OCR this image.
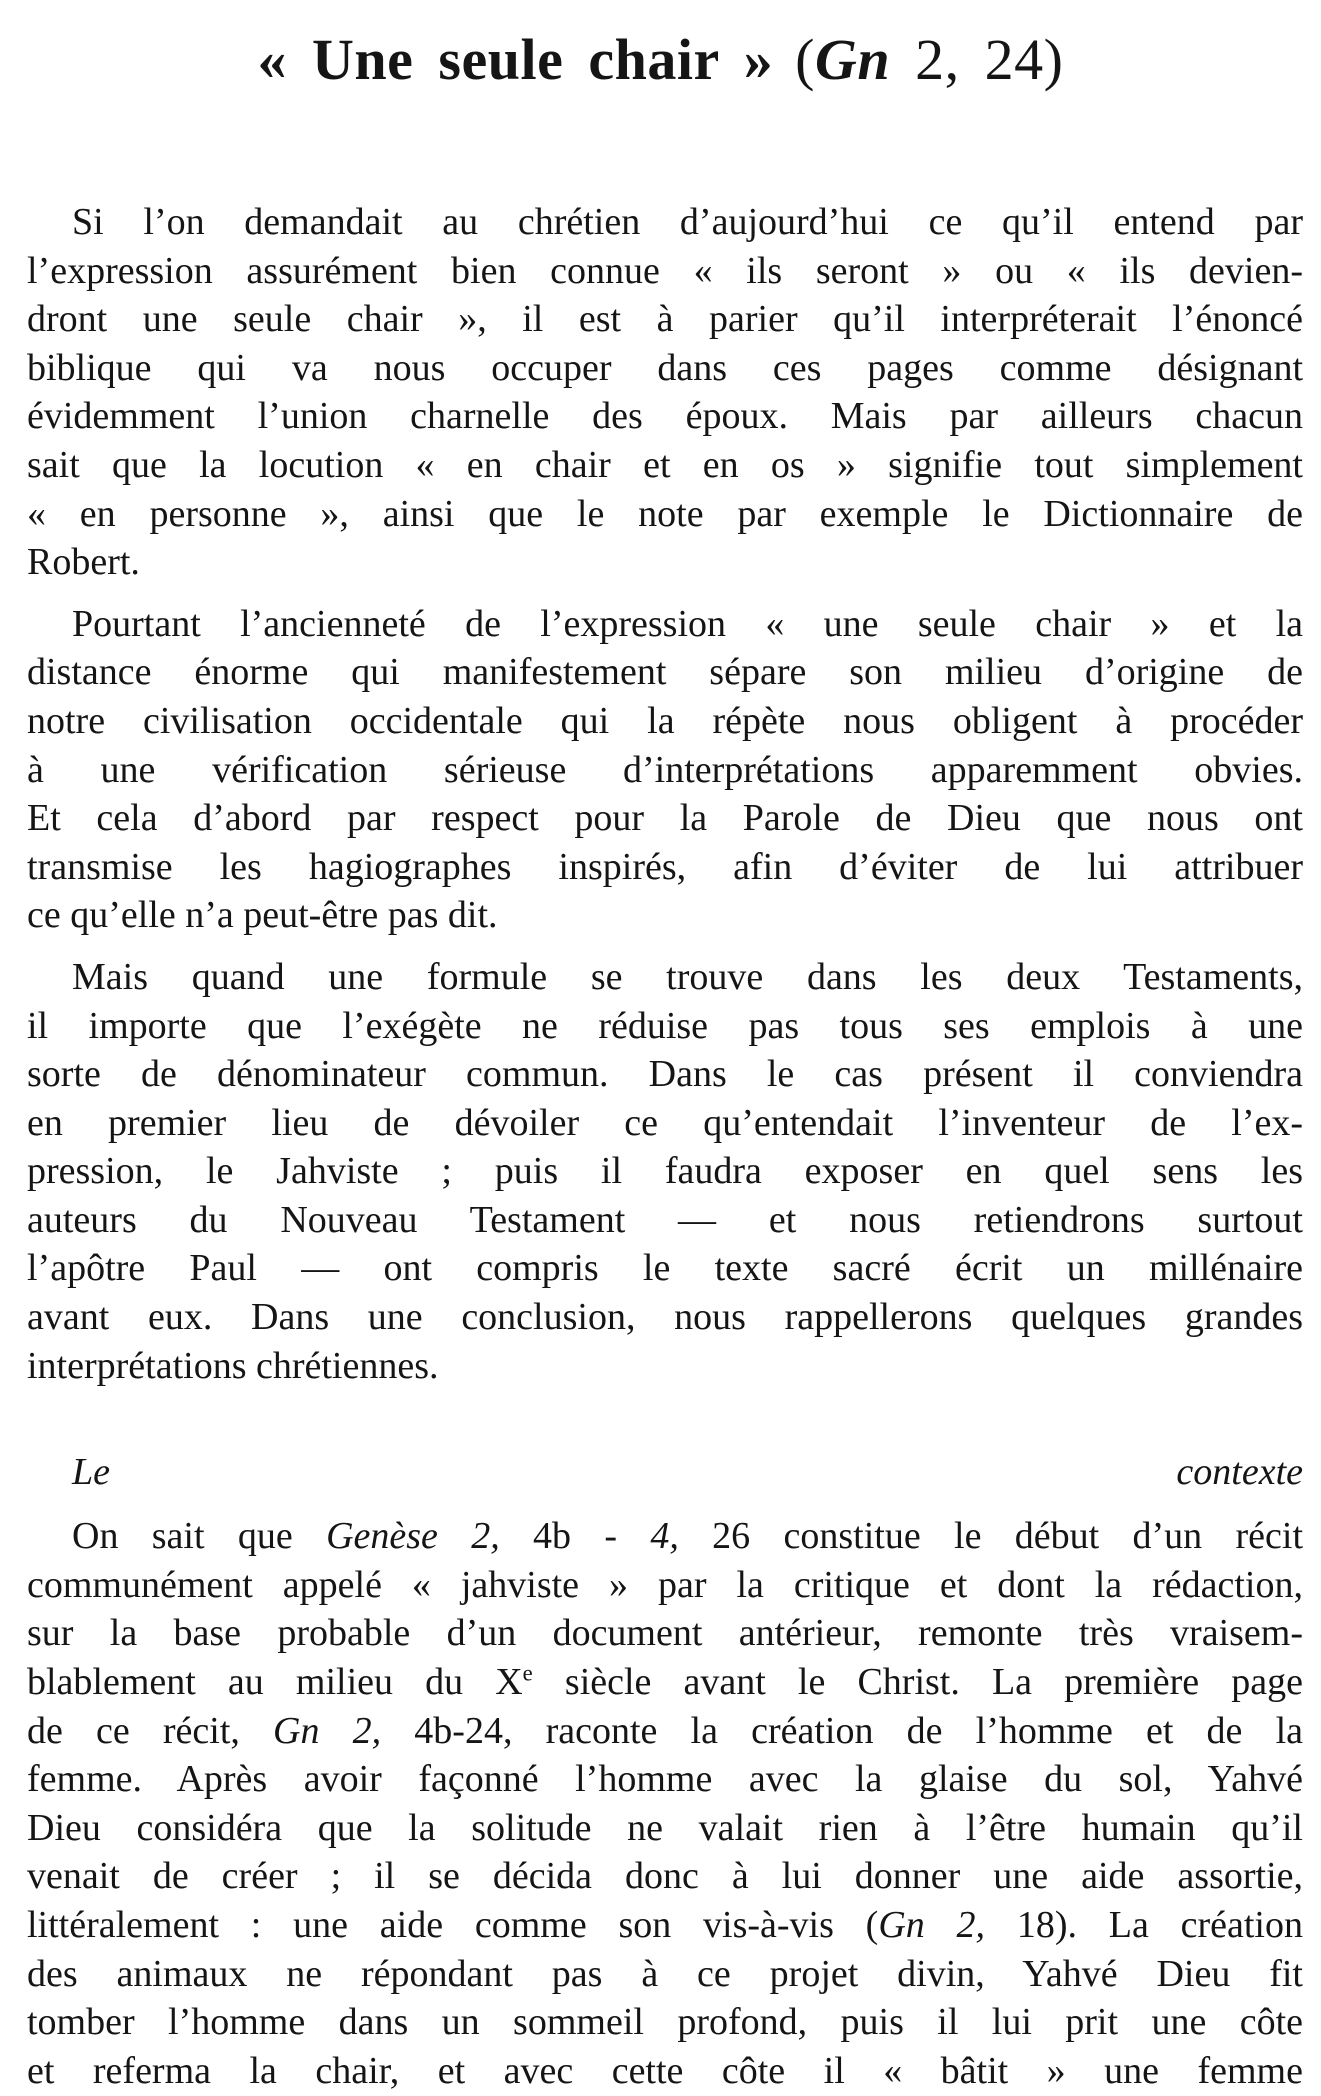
« Une seule chair » (Gn 2, 24)
Si l’on demandait au chrétien d’aujourd’hui ce qu’il entend par
l’expression assurément bien connue « ils seront » ou « ils devien-
dront une seule chair », il est à parier qu’il interpréterait l’énoncé
biblique qui va nous occuper dans ces pages comme désignant
évidemment l’union charnelle des époux. Mais par ailleurs chacun
sait que la locution « en chair et en os » signifie tout simplement
« en personne », ainsi que le note par exemple le Dictionnaire de
Robert.
Pourtant l’ancienneté de l’expression « une seule chair » et la
distance énorme qui manifestement sépare son milieu d’origine de
notre civilisation occidentale qui la répète nous obligent à procéder
à une vérification sérieuse d’interprétations apparemment obvies.
Et cela d’abord par respect pour la Parole de Dieu que nous ont
transmise les hagiographes inspirés, afin d’éviter de lui attribuer
ce qu’elle n’a peut-être pas dit.
Mais quand une formule se trouve dans les deux Testaments,
il importe que l’exégète ne réduise pas tous ses emplois à une
sorte de dénominateur commun. Dans le cas présent il conviendra
en premier lieu de dévoiler ce qu’entendait l’inventeur de l’ex-
pression, le Jahviste ; puis il faudra exposer en quel sens les
auteurs du Nouveau Testament — et nous retiendrons surtout
l’apôtre Paul — ont compris le texte sacré écrit un millénaire
avant eux. Dans une conclusion, nous rappellerons quelques grandes
interprétations chrétiennes.
Le contexte
On sait que Genèse 2, 4b - 4, 26 constitue le début d’un récit
communément appelé « jahviste » par la critique et dont la rédaction,
sur la base probable d’un document antérieur, remonte très vraisem-
blablement au milieu du Xe siècle avant le Christ. La première page
de ce récit, Gn 2, 4b-24, raconte la création de l’homme et de la
femme. Après avoir façonné l’homme avec la glaise du sol, Yahvé
Dieu considéra que la solitude ne valait rien à l’être humain qu’il
venait de créer ; il se décida donc à lui donner une aide assortie,
littéralement : une aide comme son vis-à-vis (Gn 2, 18). La création
des animaux ne répondant pas à ce projet divin, Yahvé Dieu fit
tomber l’homme dans un sommeil profond, puis il lui prit une côte
et referma la chair, et avec cette côte il « bâtit » une femme
